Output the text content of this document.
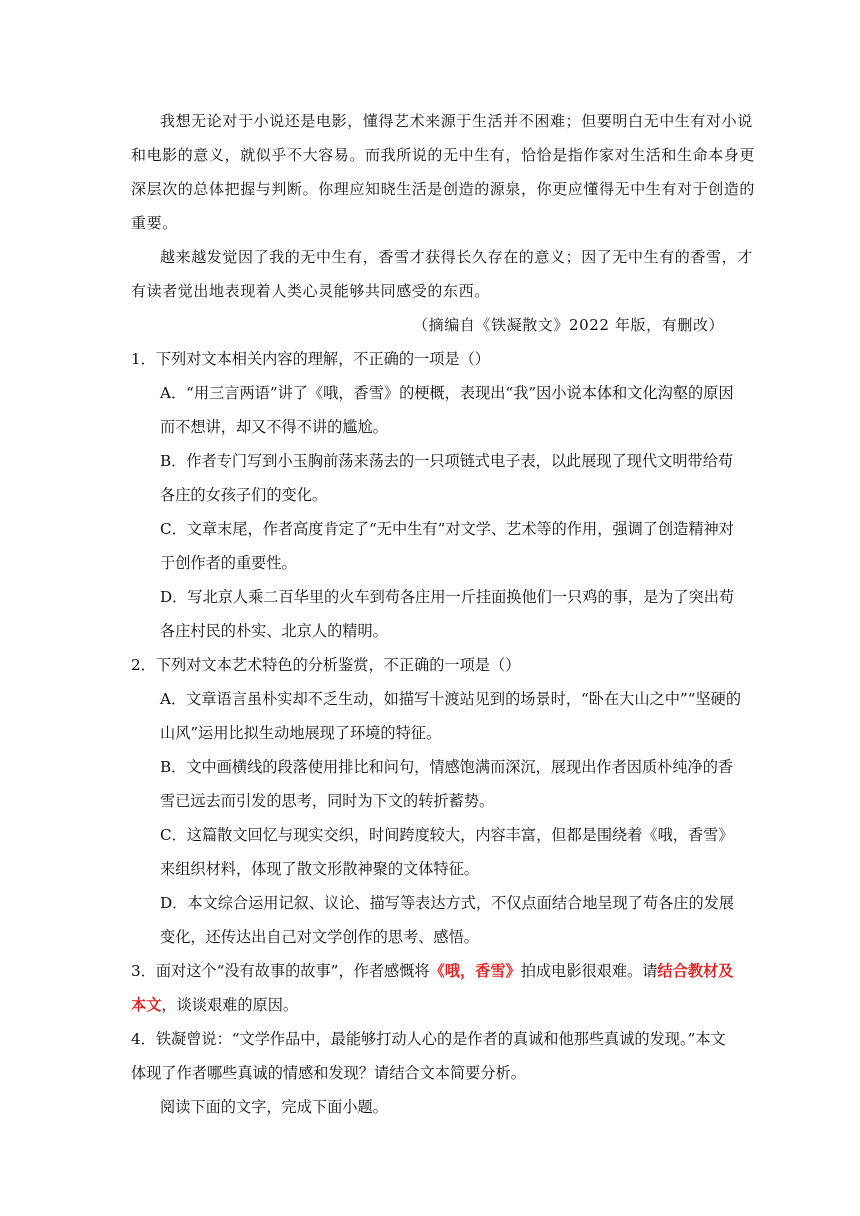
我想无论对于小说还是电影，懂得艺术来源于生活并不困难；但要明白无中生有对小说
和电影的意义，就似乎不大容易。而我所说的无中生有，恰恰是指作家对生活和生命本身更
深层次的总体把握与判断。你理应知晓生活是创造的源泉，你更应懂得无中生有对于创造的
重要。
越来越发觉因了我的无中生有，香雪才获得长久存在的意义；因了无中生有的香雪，才
有读者觉出地表现着人类心灵能够共同感受的东西。
（摘编自《铁凝散文》2022 年版，有删改）
1．下列对文本相关内容的理解，不正确的一项是（）
A．“用三言两语”讲了《哦，香雪》的梗概，表现出“我”因小说本体和文化沟壑的原因
而不想讲，却又不得不讲的尴尬。
B．作者专门写到小玉胸前荡来荡去的一只项链式电子表，以此展现了现代文明带给苟
各庄的女孩子们的变化。
C．文章末尾，作者高度肯定了“无中生有”对文学、艺术等的作用，强调了创造精神对
于创作者的重要性。
D．写北京人乘二百华里的火车到苟各庄用一斤挂面换他们一只鸡的事，是为了突出苟
各庄村民的朴实、北京人的精明。
2．下列对文本艺术特色的分析鉴赏，不正确的一项是（）
A．文章语言虽朴实却不乏生动，如描写十渡站见到的场景时，“卧在大山之中”“坚硬的
山风”运用比拟生动地展现了环境的特征。
B．文中画横线的段落使用排比和问句，情感饱满而深沉，展现出作者因质朴纯净的香
雪已远去而引发的思考，同时为下文的转折蓄势。
C．这篇散文回忆与现实交织，时间跨度较大，内容丰富，但都是围绕着《哦，香雪》
来组织材料，体现了散文形散神聚的文体特征。
D．本文综合运用记叙、议论、描写等表达方式，不仅点面结合地呈现了苟各庄的发展
变化，还传达出自己对文学创作的思考、感悟。
3．面对这个“没有故事的故事”，作者感慨将《哦，香雪》拍成电影很艰难。请结合教材及
本文，谈谈艰难的原因。
4．铁凝曾说：“文学作品中，最能够打动人心的是作者的真诚和他那些真诚的发现。”本文
体现了作者哪些真诚的情感和发现？请结合文本简要分析。
阅读下面的文字，完成下面小题。
